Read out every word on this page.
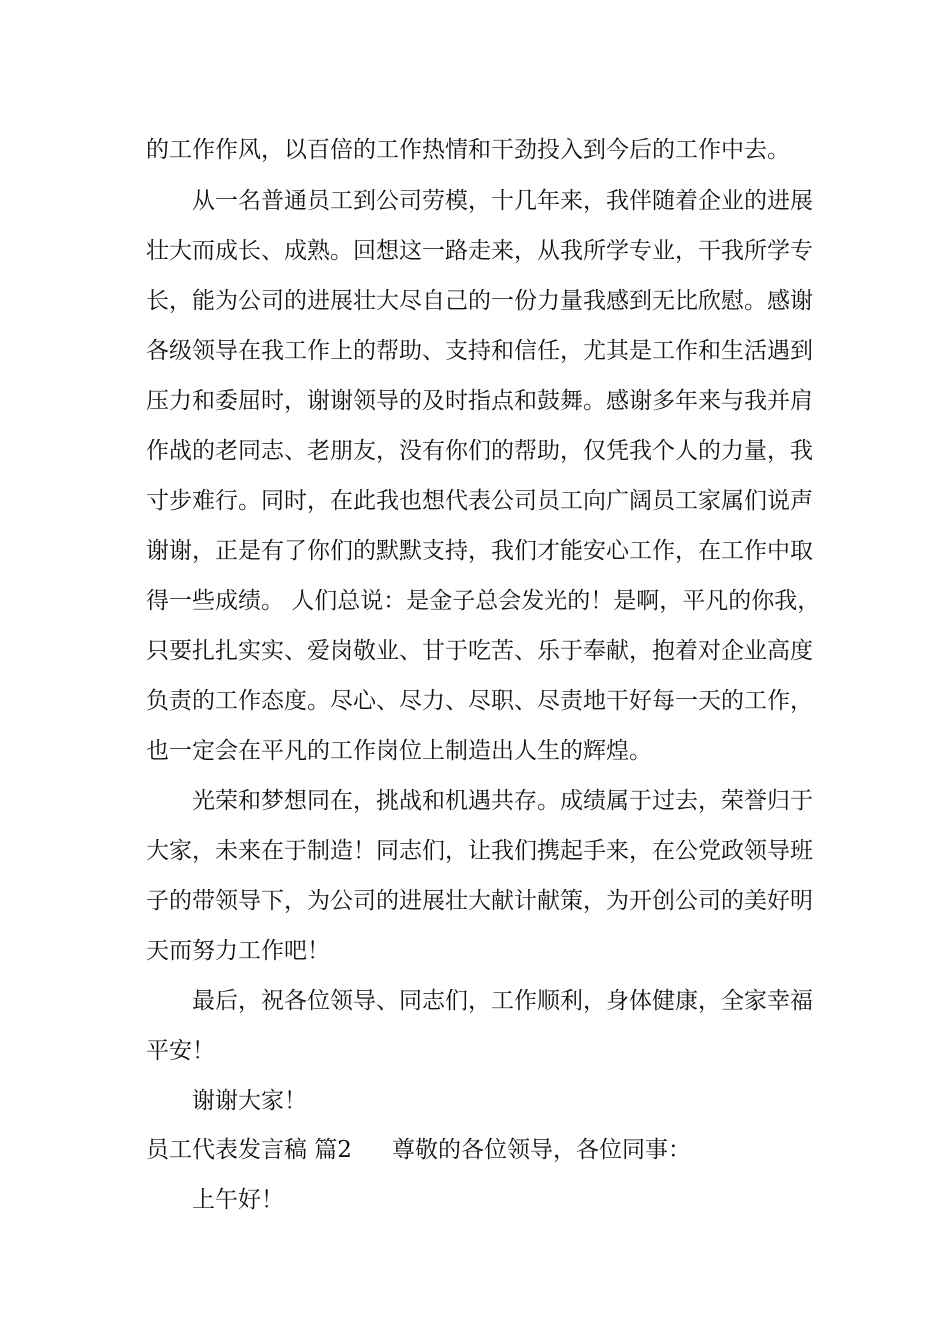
的工作作风，以百倍的工作热情和干劲投入到今后的工作中去。
从一名普通员工到公司劳模，十几年来，我伴随着企业的进展
壮大而成长、成熟。回想这一路走来，从我所学专业，干我所学专
长，能为公司的进展壮大尽自己的一份力量我感到无比欣慰。感谢
各级领导在我工作上的帮助、支持和信任，尤其是工作和生活遇到
压力和委屈时，谢谢领导的及时指点和鼓舞。感谢多年来与我并肩
作战的老同志、老朋友，没有你们的帮助，仅凭我个人的力量，我
寸步难行。同时，在此我也想代表公司员工向广阔员工家属们说声
谢谢，正是有了你们的默默支持，我们才能安心工作，在工作中取
得一些成绩。 人们总说：是金子总会发光的！是啊，平凡的你我，
只要扎扎实实、爱岗敬业、甘于吃苦、乐于奉献，抱着对企业高度
负责的工作态度。尽心、尽力、尽职、尽责地干好每一天的工作，
也一定会在平凡的工作岗位上制造出人生的辉煌。
光荣和梦想同在，挑战和机遇共存。成绩属于过去，荣誉归于
大家，未来在于制造！同志们，让我们携起手来，在公党政领导班
子的带领导下，为公司的进展壮大献计献策，为开创公司的美好明
天而努力工作吧！
最后，祝各位领导、同志们，工作顺利，身体健康，全家幸福
平安！
谢谢大家！
员工代表发言稿 篇2 尊敬的各位领导，各位同事：
上午好！
